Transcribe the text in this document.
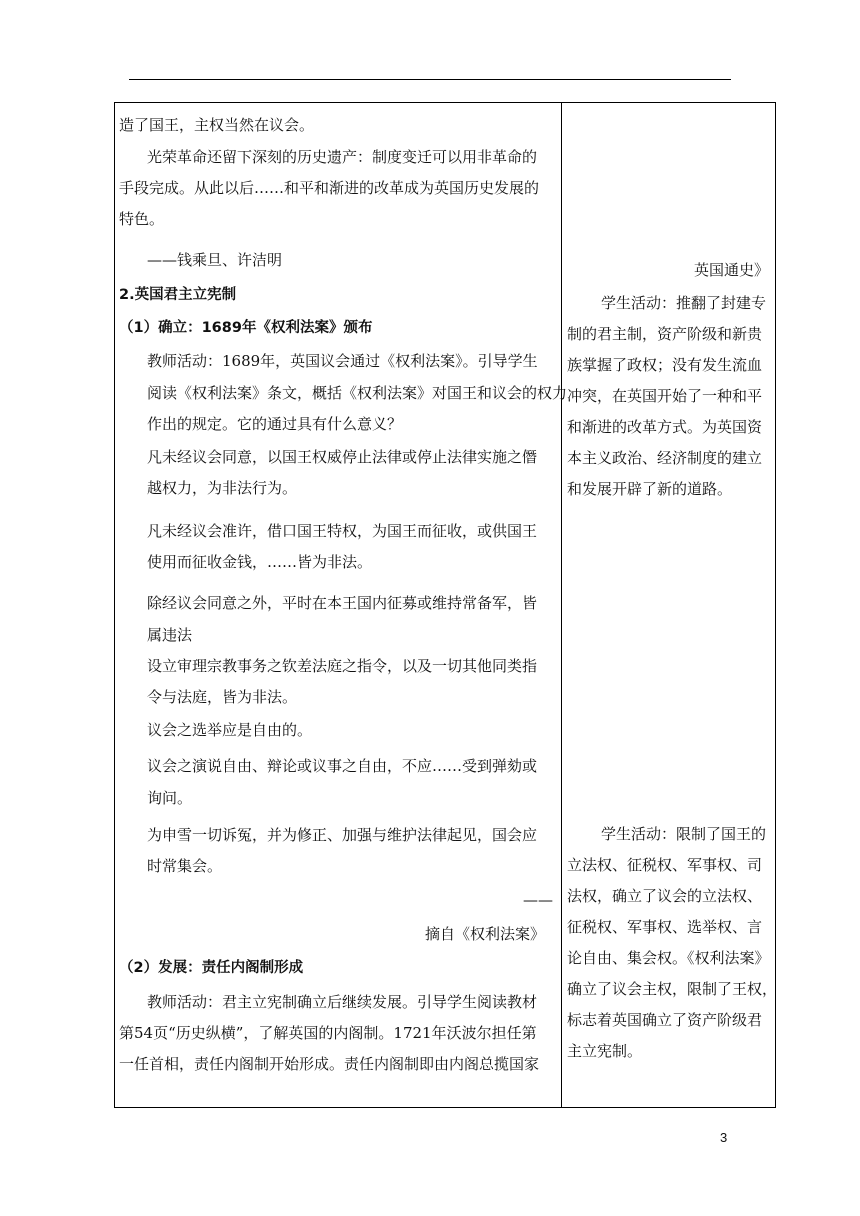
造了国王，主权当然在议会。
光荣革命还留下深刻的历史遗产：制度变迁可以用非革命的
手段完成。从此以后……和平和渐进的改革成为英国历史发展的
特色。
——钱乘旦、许洁明
2.英国君主立宪制
（1）确立：1689年《权利法案》颁布
教师活动：1689年，英国议会通过《权利法案》。引导学生
阅读《权利法案》条文，概括《权利法案》对国王和议会的权力
作出的规定。它的通过具有什么意义？
凡未经议会同意，以国王权威停止法律或停止法律实施之僭
越权力，为非法行为。
凡未经议会准许，借口国王特权，为国王而征收，或供国王
使用而征收金钱，……皆为非法。
除经议会同意之外，平时在本王国内征募或维持常备军，皆
属违法
设立审理宗教事务之钦差法庭之指令，以及一切其他同类指
令与法庭，皆为非法。
议会之选举应是自由的。
议会之演说自由、辩论或议事之自由，不应……受到弹劾或
询问。
为申雪一切诉冤，并为修正、加强与维护法律起见，国会应
时常集会。
——
摘自《权利法案》
（2）发展：责任内阁制形成
教师活动：君主立宪制确立后继续发展。引导学生阅读教材
第54页“历史纵横”，了解英国的内阁制。1721年沃波尔担任第
一任首相，责任内阁制开始形成。责任内阁制即由内阁总揽国家
英国通史》
学生活动：推翻了封建专
制的君主制，资产阶级和新贵
族掌握了政权；没有发生流血
冲突，在英国开始了一种和平
和渐进的改革方式。为英国资
本主义政治、经济制度的建立
和发展开辟了新的道路。
学生活动：限制了国王的
立法权、征税权、军事权、司
法权，确立了议会的立法权、
征税权、军事权、选举权、言
论自由、集会权。《权利法案》
确立了议会主权，限制了王权，
标志着英国确立了资产阶级君
主立宪制。
3
